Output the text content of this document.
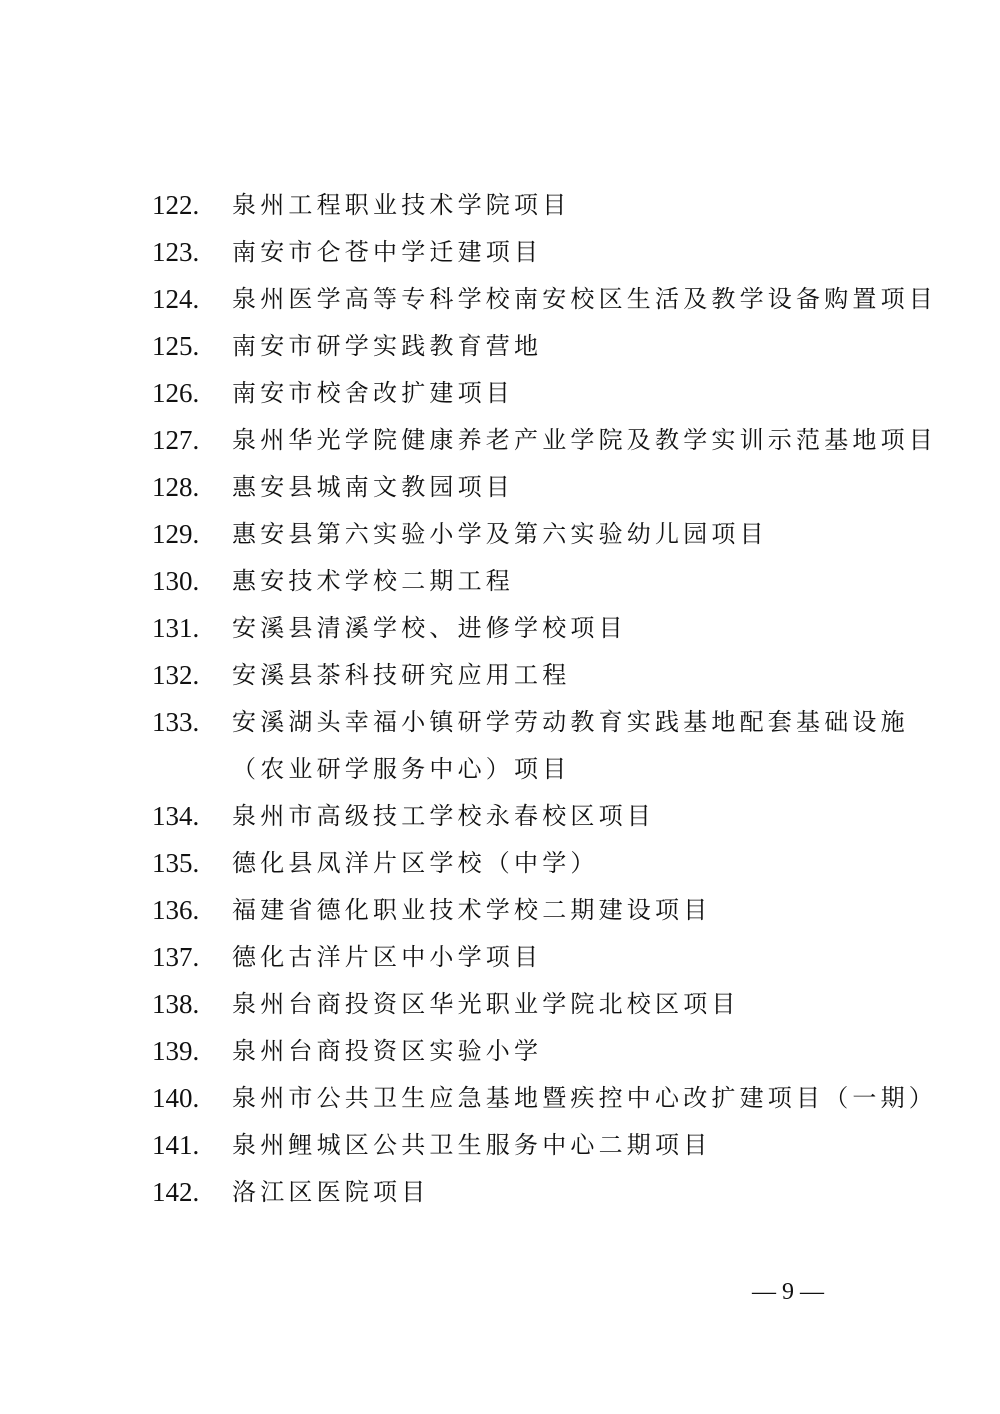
122.	泉州工程职业技术学院项目
123.	南安市仑苍中学迁建项目
124.	泉州医学高等专科学校南安校区生活及教学设备购置项目
125.	南安市研学实践教育营地
126.	南安市校舍改扩建项目
127.	泉州华光学院健康养老产业学院及教学实训示范基地项目
128.	惠安县城南文教园项目
129.	惠安县第六实验小学及第六实验幼儿园项目
130.	惠安技术学校二期工程
131.	安溪县清溪学校、进修学校项目
132.	安溪县茶科技研究应用工程
133.	安溪湖头幸福小镇研学劳动教育实践基地配套基础设施
（农业研学服务中心）项目
134.	泉州市高级技工学校永春校区项目
135.	德化县凤洋片区学校（中学）
136.	福建省德化职业技术学校二期建设项目
137.	德化古洋片区中小学项目
138.	泉州台商投资区华光职业学院北校区项目
139.	泉州台商投资区实验小学
140.	泉州市公共卫生应急基地暨疾控中心改扩建项目（一期）
141.	泉州鲤城区公共卫生服务中心二期项目
142.	洛江区医院项目
— 9 —
